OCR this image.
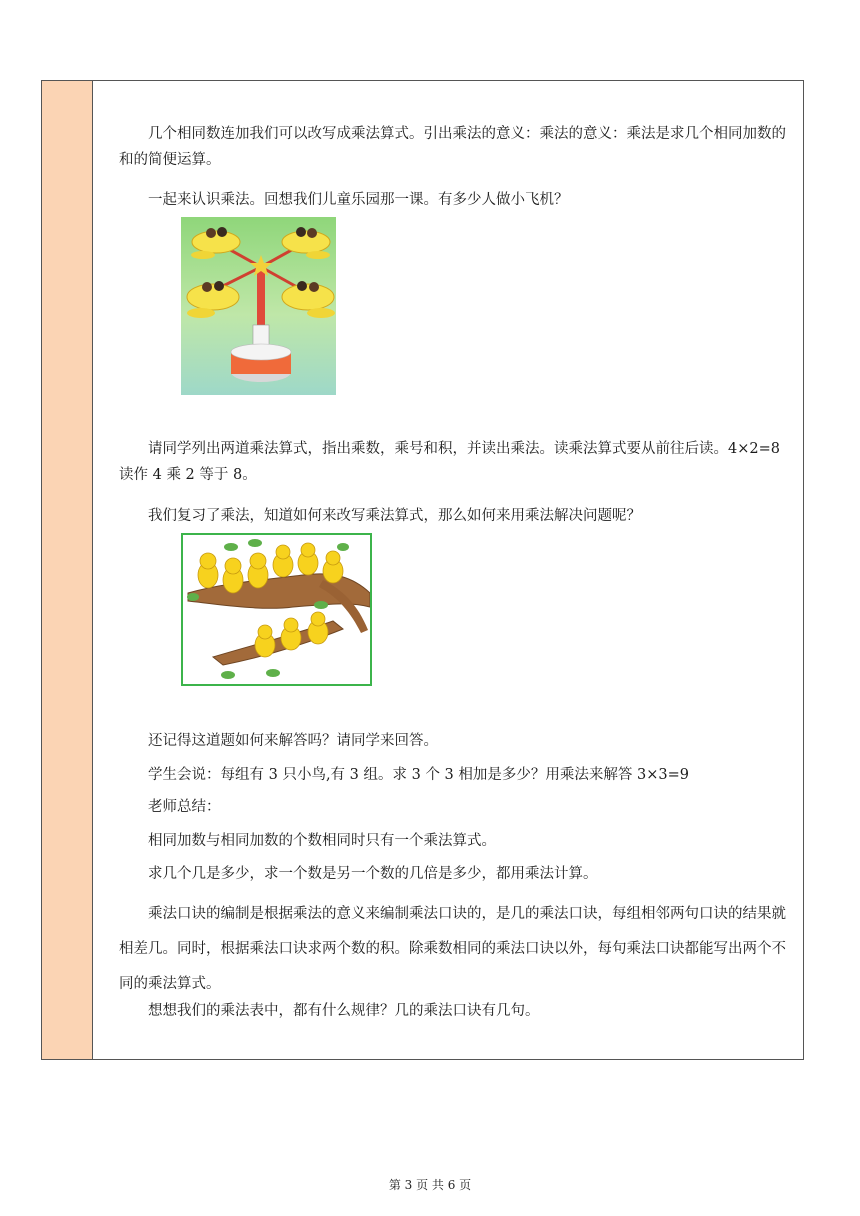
几个相同数连加我们可以改写成乘法算式。引出乘法的意义：乘法的意义：乘法是求几个相同加数的和的简便运算。

一起来认识乘法。回想我们儿童乐园那一课。有多少人做小飞机？

请同学列出两道乘法算式，指出乘数，乘号和积，并读出乘法。读乘法算式要从前往后读。4×2=8 读作 4 乘 2 等于 8。

我们复习了乘法，知道如何来改写乘法算式，那么如何来用乘法解决问题呢？

还记得这道题如何来解答吗？请同学来回答。

学生会说：每组有 3 只小鸟,有 3 组。求 3 个 3 相加是多少？用乘法来解答 3×3=9

老师总结：

相同加数与相同加数的个数相同时只有一个乘法算式。

求几个几是多少，求一个数是另一个数的几倍是多少，都用乘法计算。

乘法口诀的编制是根据乘法的意义来编制乘法口诀的，是几的乘法口诀，每组相邻两句口诀的结果就相差几。同时，根据乘法口诀求两个数的积。除乘数相同的乘法口诀以外，每句乘法口诀都能写出两个不同的乘法算式。

想想我们的乘法表中，都有什么规律？几的乘法口诀有几句。

第 3 页 共 6 页
